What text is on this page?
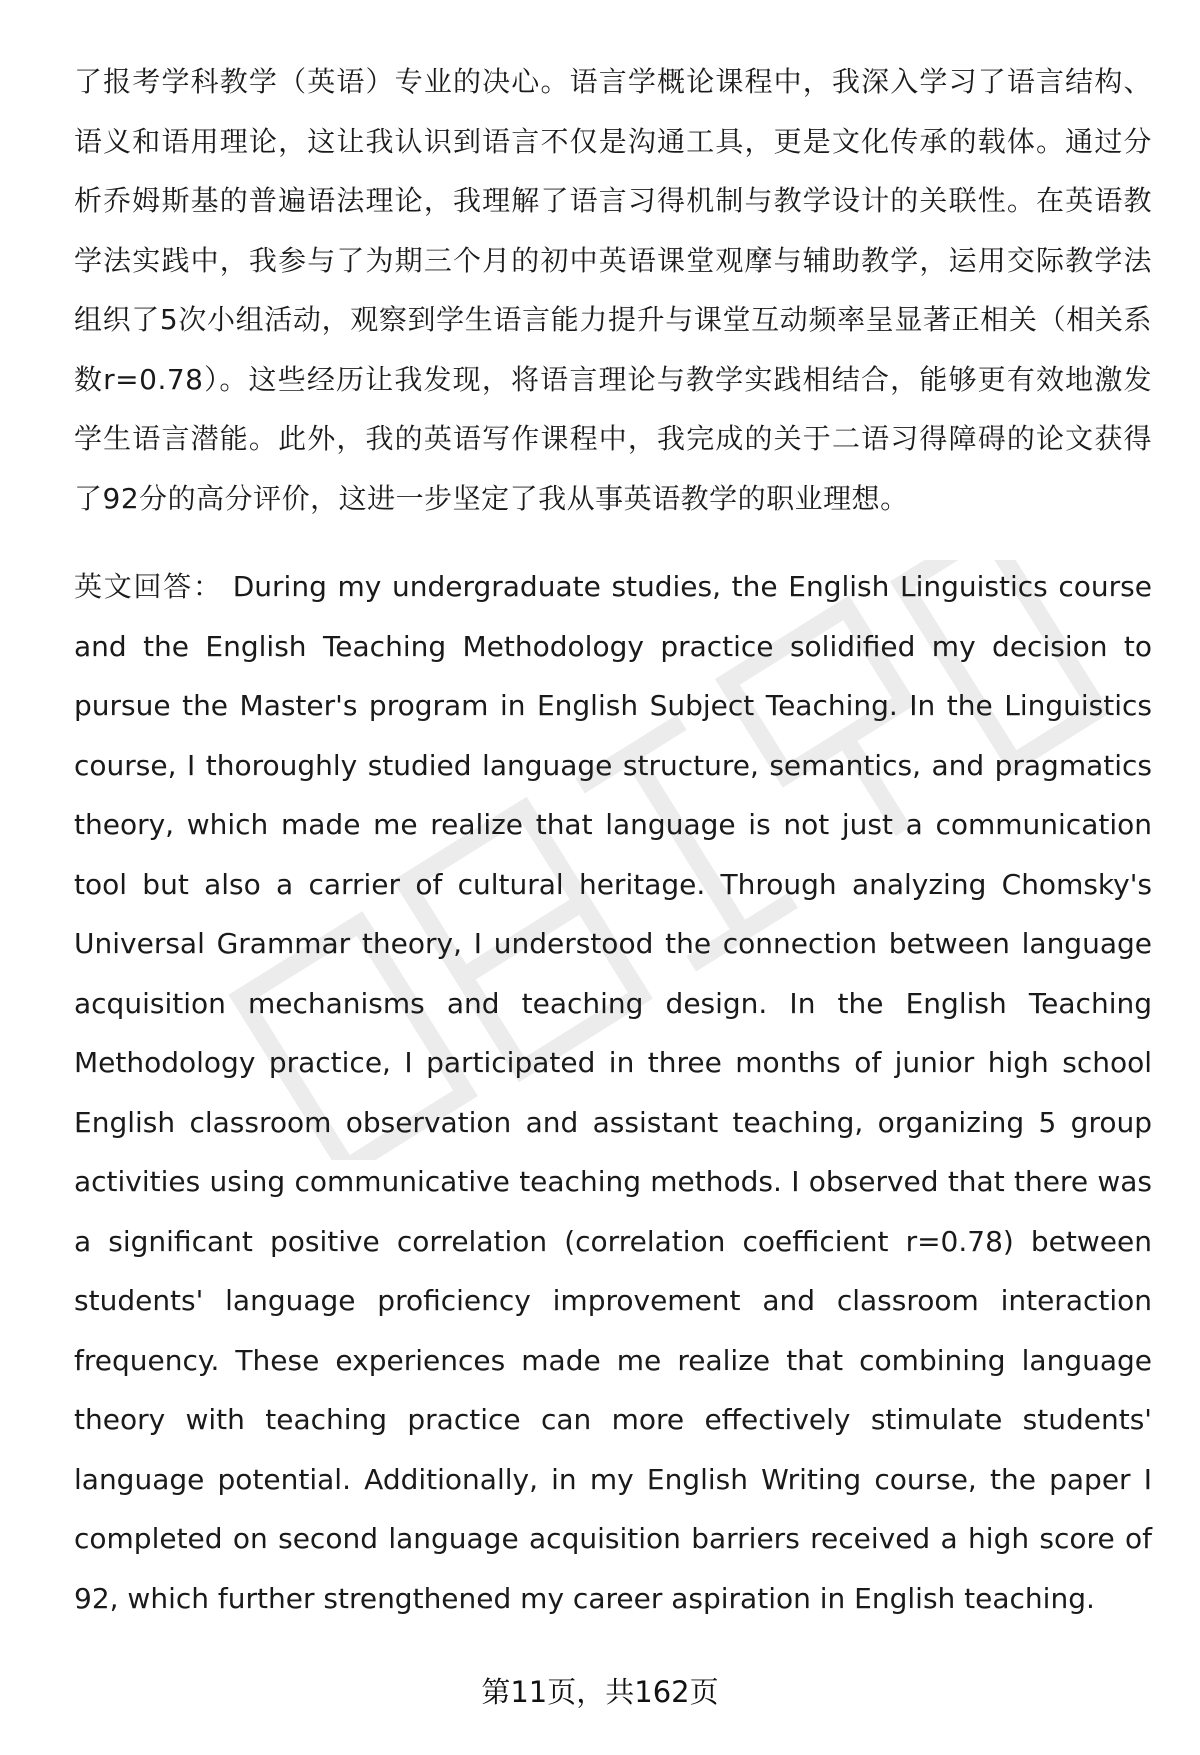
了报考学科教学（英语）专业的决心。语言学概论课程中，我深入学习了语言结构、语义和语用理论，这让我认识到语言不仅是沟通工具，更是文化传承的载体。通过分析乔姆斯基的普遍语法理论，我理解了语言习得机制与教学设计的关联性。在英语教学法实践中，我参与了为期三个月的初中英语课堂观摩与辅助教学，运用交际教学法组织了5次小组活动，观察到学生语言能力提升与课堂互动频率呈显著正相关（相关系数r=0.78）。这些经历让我发现，将语言理论与教学实践相结合，能够更有效地激发学生语言潜能。此外，我的英语写作课程中，我完成的关于二语习得障碍的论文获得了92分的高分评价，这进一步坚定了我从事英语教学的职业理想。

英文回答： During my undergraduate studies, the English Linguistics course and the English Teaching Methodology practice solidified my decision to pursue the Master's program in English Subject Teaching. In the Linguistics course, I thoroughly studied language structure, semantics, and pragmatics theory, which made me realize that language is not just a communication tool but also a carrier of cultural heritage. Through analyzing Chomsky's Universal Grammar theory, I understood the connection between language acquisition mechanisms and teaching design. In the English Teaching Methodology practice, I participated in three months of junior high school English classroom observation and assistant teaching, organizing 5 group activities using communicative teaching methods. I observed that there was a significant positive correlation (correlation coefficient r=0.78) between students' language proficiency improvement and classroom interaction frequency. These experiences made me realize that combining language theory with teaching practice can more effectively stimulate students' language potential. Additionally, in my English Writing course, the paper I completed on second language acquisition barriers received a high score of 92, which further strengthened my career aspiration in English teaching.

第11页，共162页
